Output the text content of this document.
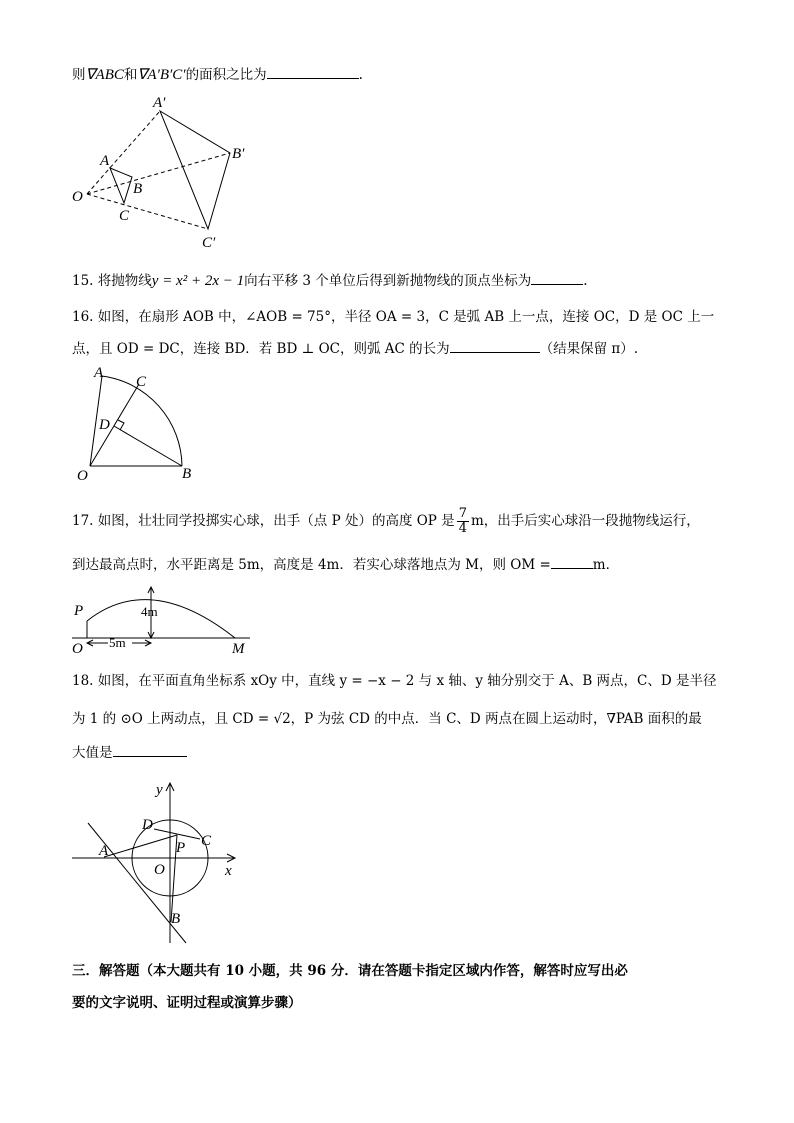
则∇ABC和∇A′B′C′的面积之比为	.
A′
B′
C′
A
B
C
O
15. 将抛物线y = x² + 2x − 1向右平移 3 个单位后得到新抛物线的顶点坐标为	.
16. 如图，在扇形 AOB 中，∠AOB = 75°，半径 OA = 3，C 是弧 AB 上一点，连接 OC，D 是 OC 上一
点，且 OD = DC，连接 BD．若 BD ⊥ OC，则弧 AC 的长为	（结果保留 π）.
A
C
D
O	B
17. 如图，壮壮同学投掷实心球，出手（点 P 处）的高度 OP 是 $\frac{7}{4}$ m，出手后实心球沿一段抛物线运行，
到达最高点时，水平距离是 5m，高度是 4m．若实心球落地点为 M，则 OM =	m．
P
O	M
4m
5m
18. 如图，在平面直角坐标系 xOy 中，直线 y = −x − 2 与 x 轴、y 轴分别交于 A、B 两点，C、D 是半径
为 1 的 ⊙O 上两动点，且 CD = √2，P 为弦 CD 的中点．当 C、D 两点在圆上运动时，∇PAB 面积的最
大值是
y
x
D
C
A	P
O
B
三．解答题（本大题共有 10 小题，共 96 分．请在答题卡指定区域内作答，解答时应写出必
要的文字说明、证明过程或演算步骤）
